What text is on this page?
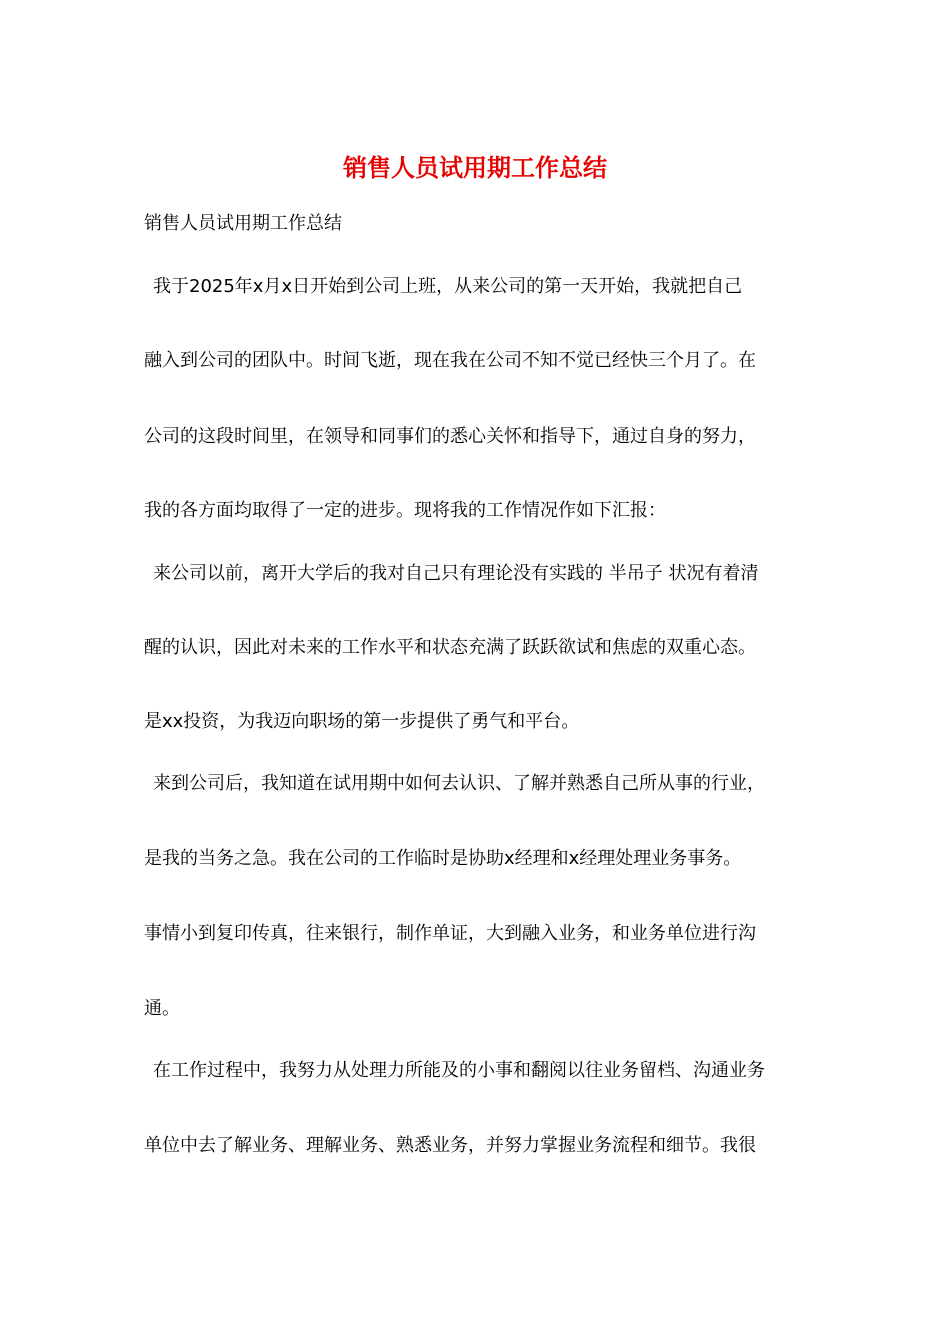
销售人员试用期工作总结
销售人员试用期工作总结
我于2025年x月x日开始到公司上班，从来公司的第一天开始，我就把自己
融入到公司的团队中。时间飞逝，现在我在公司不知不觉已经快三个月了。在
公司的这段时间里，在领导和同事们的悉心关怀和指导下，通过自身的努力，
我的各方面均取得了一定的进步。现将我的工作情况作如下汇报：
来公司以前，离开大学后的我对自己只有理论没有实践的 半吊子 状况有着清
醒的认识，因此对未来的工作水平和状态充满了跃跃欲试和焦虑的双重心态。
是xx投资，为我迈向职场的第一步提供了勇气和平台。
来到公司后，我知道在试用期中如何去认识、了解并熟悉自己所从事的行业，
是我的当务之急。我在公司的工作临时是协助x经理和x经理处理业务事务。
事情小到复印传真，往来银行，制作单证，大到融入业务，和业务单位进行沟
通。
在工作过程中，我努力从处理力所能及的小事和翻阅以往业务留档、沟通业务
单位中去了解业务、理解业务、熟悉业务，并努力掌握业务流程和细节。我很
